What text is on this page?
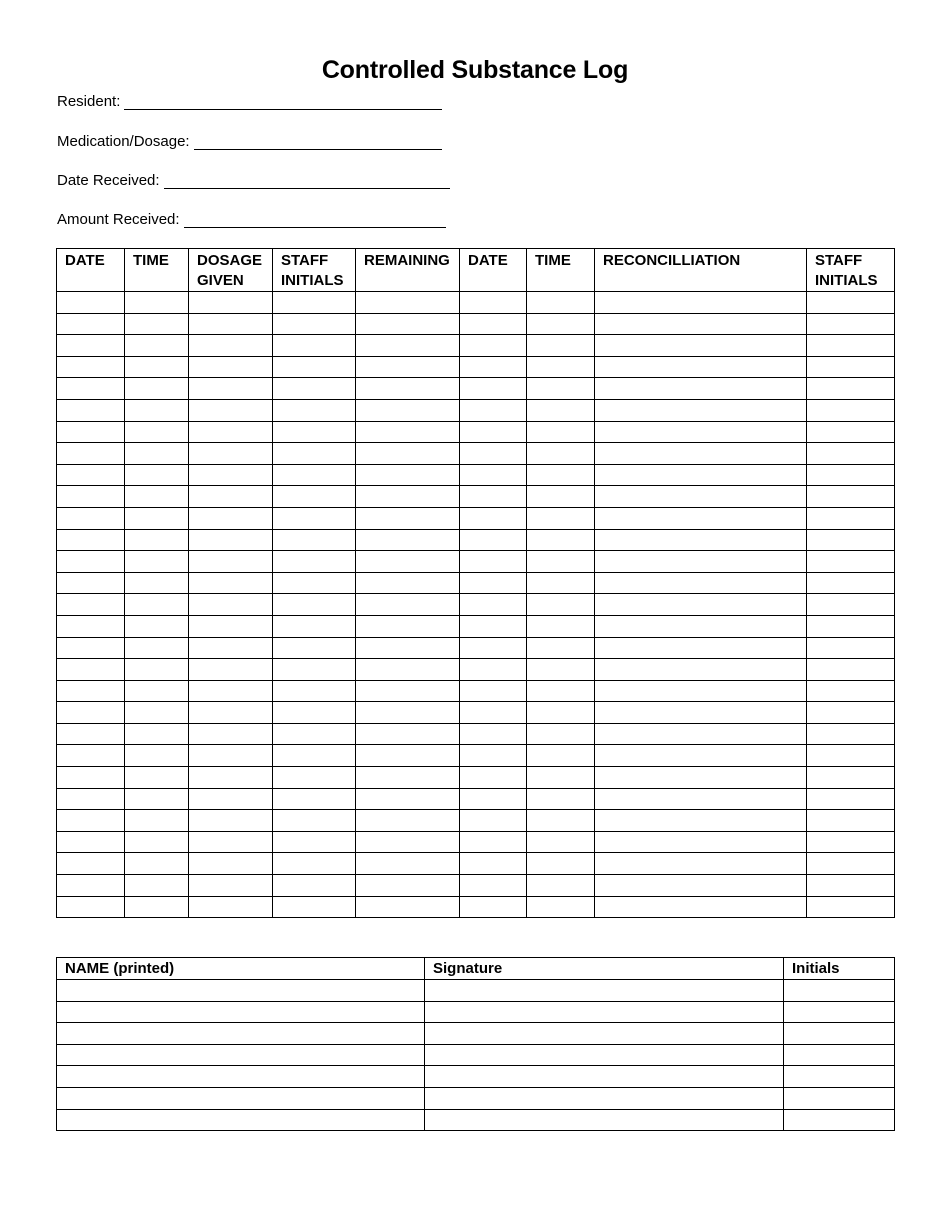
Controlled Substance Log
Resident:
Medication/Dosage:
Date Received:
Amount Received:
DATE	TIME	DOSAGE GIVEN	STAFF INITIALS	REMAINING	DATE	TIME	RECONCILLIATION	STAFF INITIALS

NAME (printed)	Signature	Initials
